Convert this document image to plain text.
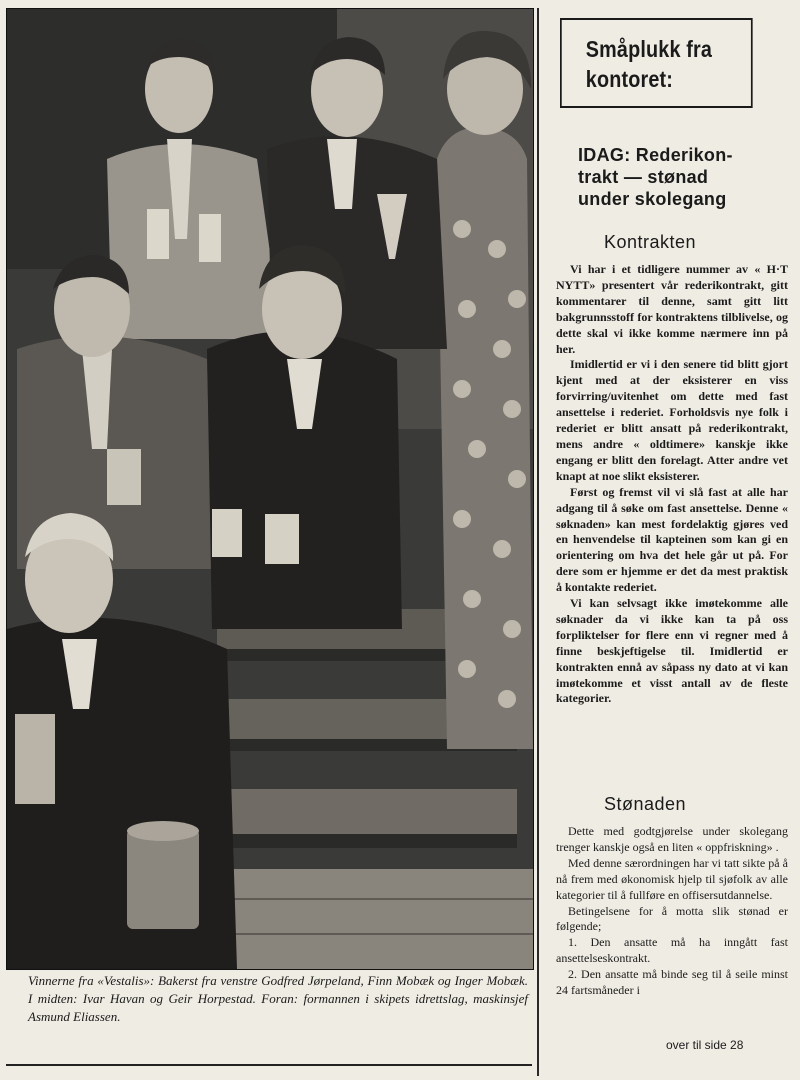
Vinnerne fra «Vestalis»: Bakerst fra venstre Godfred Jørpeland, Finn Mobæk og Inger Mobæk. I midten: Ivar Havan og Geir Horpestad. Foran: formannen i skipets idrettslag, maskinsjef Asmund Eliassen.
Småplukk fra
kontoret:
IDAG: Rederikon-
trakt — stønad
under skolegang
Kontrakten

Vi har i et tidligere nummer av « H·T NYTT» presentert vår rederikontrakt, gitt kommentarer til denne, samt gitt litt bakgrunnsstoff for kontraktens tilblivelse, og dette skal vi ikke komme nærmere inn på her.

Imidlertid er vi i den senere tid blitt gjort kjent med at der eksisterer en viss forvirring/uvitenhet om dette med fast ansettelse i rederiet. Forholdsvis nye folk i rederiet er blitt ansatt på rederikontrakt, mens andre « oldtimere» kanskje ikke engang er blitt den forelagt. Atter andre vet knapt at noe slikt eksisterer.

Først og fremst vil vi slå fast at alle har adgang til å søke om fast ansettelse. Denne « søknaden» kan mest fordelaktig gjøres ved en henvendelse til kapteinen som kan gi en orientering om hva det hele går ut på. For dere som er hjemme er det da mest praktisk å kontakte rederiet.

Vi kan selvsagt ikke imøtekomme alle søknader da vi ikke kan ta på oss forpliktelser for flere enn vi regner med å finne beskjeftigelse til. Imidlertid er kontrakten ennå av såpass ny dato at vi kan imøtekomme et visst antall av de fleste kategorier.

Stønaden

Dette med godtgjørelse under skolegang trenger kanskje også en liten « oppfriskning» .

Med denne særordningen har vi tatt sikte på å nå frem med økonomisk hjelp til sjøfolk av alle kategorier til å fullføre en offisersutdannelse.

Betingelsene for å motta slik stønad er følgende;

1. Den ansatte må ha inngått fast ansettelseskontrakt.

2. Den ansatte må binde seg til å seile minst 24 fartsmåneder i

over til side 28
